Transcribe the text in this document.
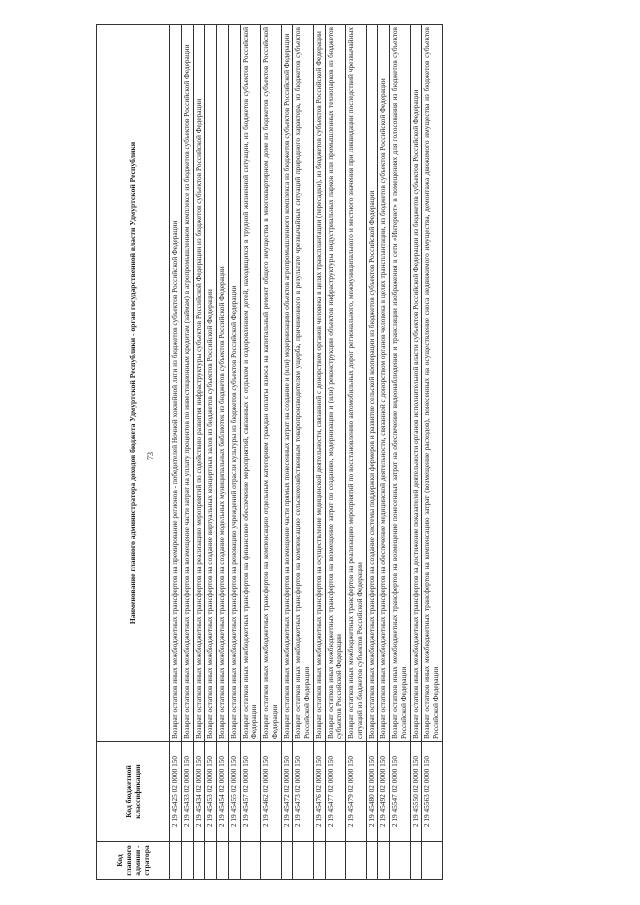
73
Код главного админи - стратора	Код бюджетной классификации	Наименование главного администратора доходов бюджета Удмуртской Республики - орган государственной власти Удмуртской Республики
	2 19 45425 02 0000 150	Возврат остатков иных межбюджетных трансфертов на премирование регионов - победителей Ночной хоккейной лиги из бюджетов субъектов Российской Федерации
	2 19 45433 02 0000 150	Возврат остатков иных межбюджетных трансфертов на возмещение части затрат на уплату процентов по инвестиционным кредитам (займам) в агропромышленном комплексе из бюджетов субъектов Российской Федерации
	2 19 45434 02 0000 150	Возврат остатков иных межбюджетных трансфертов на реализацию мероприятий по содействию развития инфраструктуры субъектов Российской Федерации из бюджетов субъектов Российской Федерации
	2 19 45453 02 0000 150	Возврат остатков иных межбюджетных трансфертов на создание виртуальных концертных залов из бюджетов субъектов Российской Федерации
	2 19 45454 02 0000 150	Возврат остатков иных межбюджетных трансфертов на создание модельных муниципальных библиотек из бюджетов субъектов Российской Федерации
	2 19 45455 02 0000 150	Возврат остатков иных межбюджетных трансфертов на реновацию учреждений отрасли культуры из бюджетов субъектов Российской Федерации
	2 19 45457 02 0000 150	Возврат остатков иных межбюджетных трансфертов на финансовое обеспечение мероприятий, связанных с отдыхом и оздоровлением детей, находящихся в трудной жизненной ситуации, из бюджетов субъектов Российской Федерации
	2 19 45462 02 0000 150	Возврат остатков иных межбюджетных трансфертов на компенсацию отдельным категориям граждан оплаты взноса на капитальный ремонт общего имущества в многоквартирном доме из бюджетов субъектов Российской Федерации
	2 19 45472 02 0000 150	Возврат остатков иных межбюджетных трансфертов на возмещение части прямых понесенных затрат на создание и (или) модернизацию объектов агропромышленного комплекса из бюджетов субъектов Российской Федерации
	2 19 45473 02 0000 150	Возврат остатков иных межбюджетных трансфертов на компенсацию сельскохозяйственным товаропроизводителям ущерба, причиненного в результате чрезвычайных ситуаций природного характера, из бюджетов субъектов Российской Федерации
	2 19 45476 02 0000 150	Возврат остатков иных межбюджетных трансфертов на осуществление медицинской деятельности, связанной с донорством органов человека в целях трансплантации (пересадки), из бюджетов субъектов Российской Федерации
	2 19 45477 02 0000 150	Возврат остатков иных межбюджетных трансфертов на возмещение затрат по созданию, модернизации и (или) реконструкции объектов инфраструктуры индустриальных парков или промышленных технопарков из бюджетов субъектов Российской Федерации
	2 19 45479 02 0000 150	Возврат остатков иных межбюджетных трансфертов на реализацию мероприятий по восстановлению автомобильных дорог регионального, межмуниципального и местного значения при ликвидации последствий чрезвычайных ситуаций из бюджетов субъектов Российской Федерации
	2 19 45480 02 0000 150	Возврат остатков иных межбюджетных трансфертов на создание системы поддержки фермеров и развитие сельской кооперации из бюджетов субъектов Российской Федерации
	2 19 45492 02 0000 150	Возврат остатков иных межбюджетных трансфертов на обеспечение медицинской деятельности, связанной с донорством органов человека в целях трансплантации, из бюджетов субъектов Российской Федерации
	2 19 45547 02 0000 150	Возврат остатков иных межбюджетных трансфертов на возмещение понесенных затрат на обеспечение видеонаблюдения и трансляции изображения в сети «Интернет» в помещениях для голосования из бюджетов субъектов Российской Федерации
	2 19 45550 02 0000 150	Возврат остатков иных межбюджетных трансфертов за достижение показателей деятельности органов исполнительной власти субъектов Российской Федерации из бюджетов субъектов Российской Федерации
	2 19 45563 02 0000 150	Возврат остатков иных межбюджетных трансфертов на компенсацию затрат (возмещение расходов), понесенных на осуществление сноса недвижимого имущества, демонтажа движимого имущества из бюджетов субъектов Российской Федерации
